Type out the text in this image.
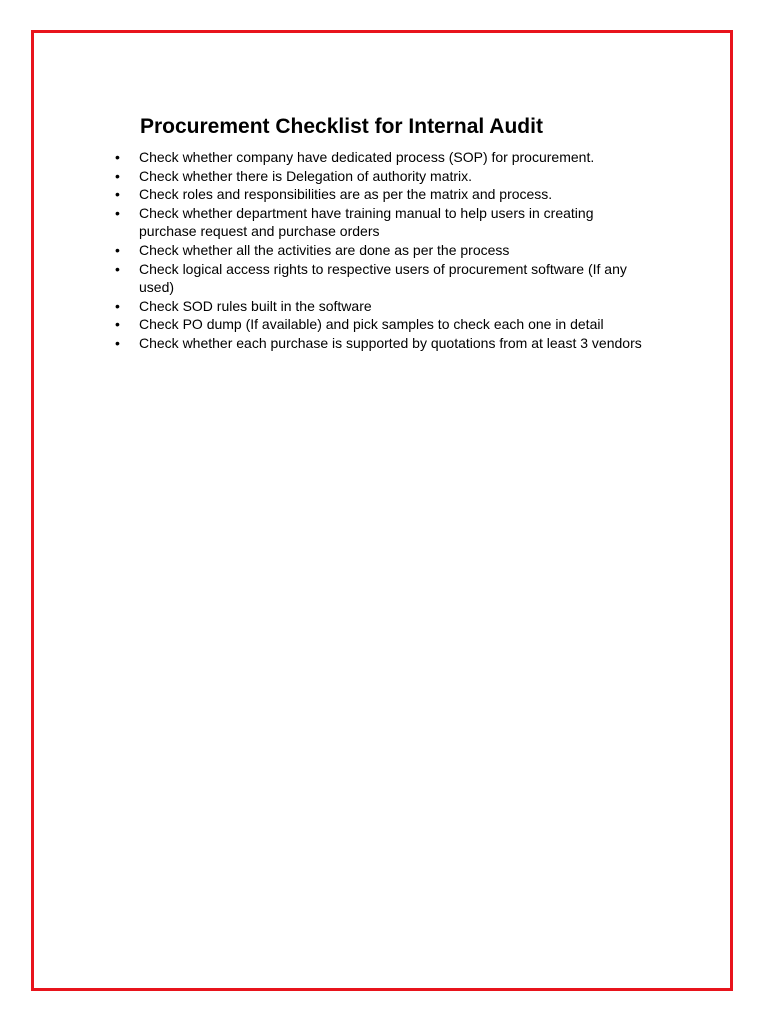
Procurement Checklist for Internal Audit
• Check whether company have dedicated process (SOP) for procurement.
• Check whether there is Delegation of authority matrix.
• Check roles and responsibilities are as per the matrix and process.
• Check whether department have training manual to help users in creating purchase request and purchase orders
• Check whether all the activities are done as per the process
• Check logical access rights to respective users of procurement software (If any used)
• Check SOD rules built in the software
• Check PO dump (If available) and pick samples to check each one in detail
• Check whether each purchase is supported by quotations from at least 3 vendors
